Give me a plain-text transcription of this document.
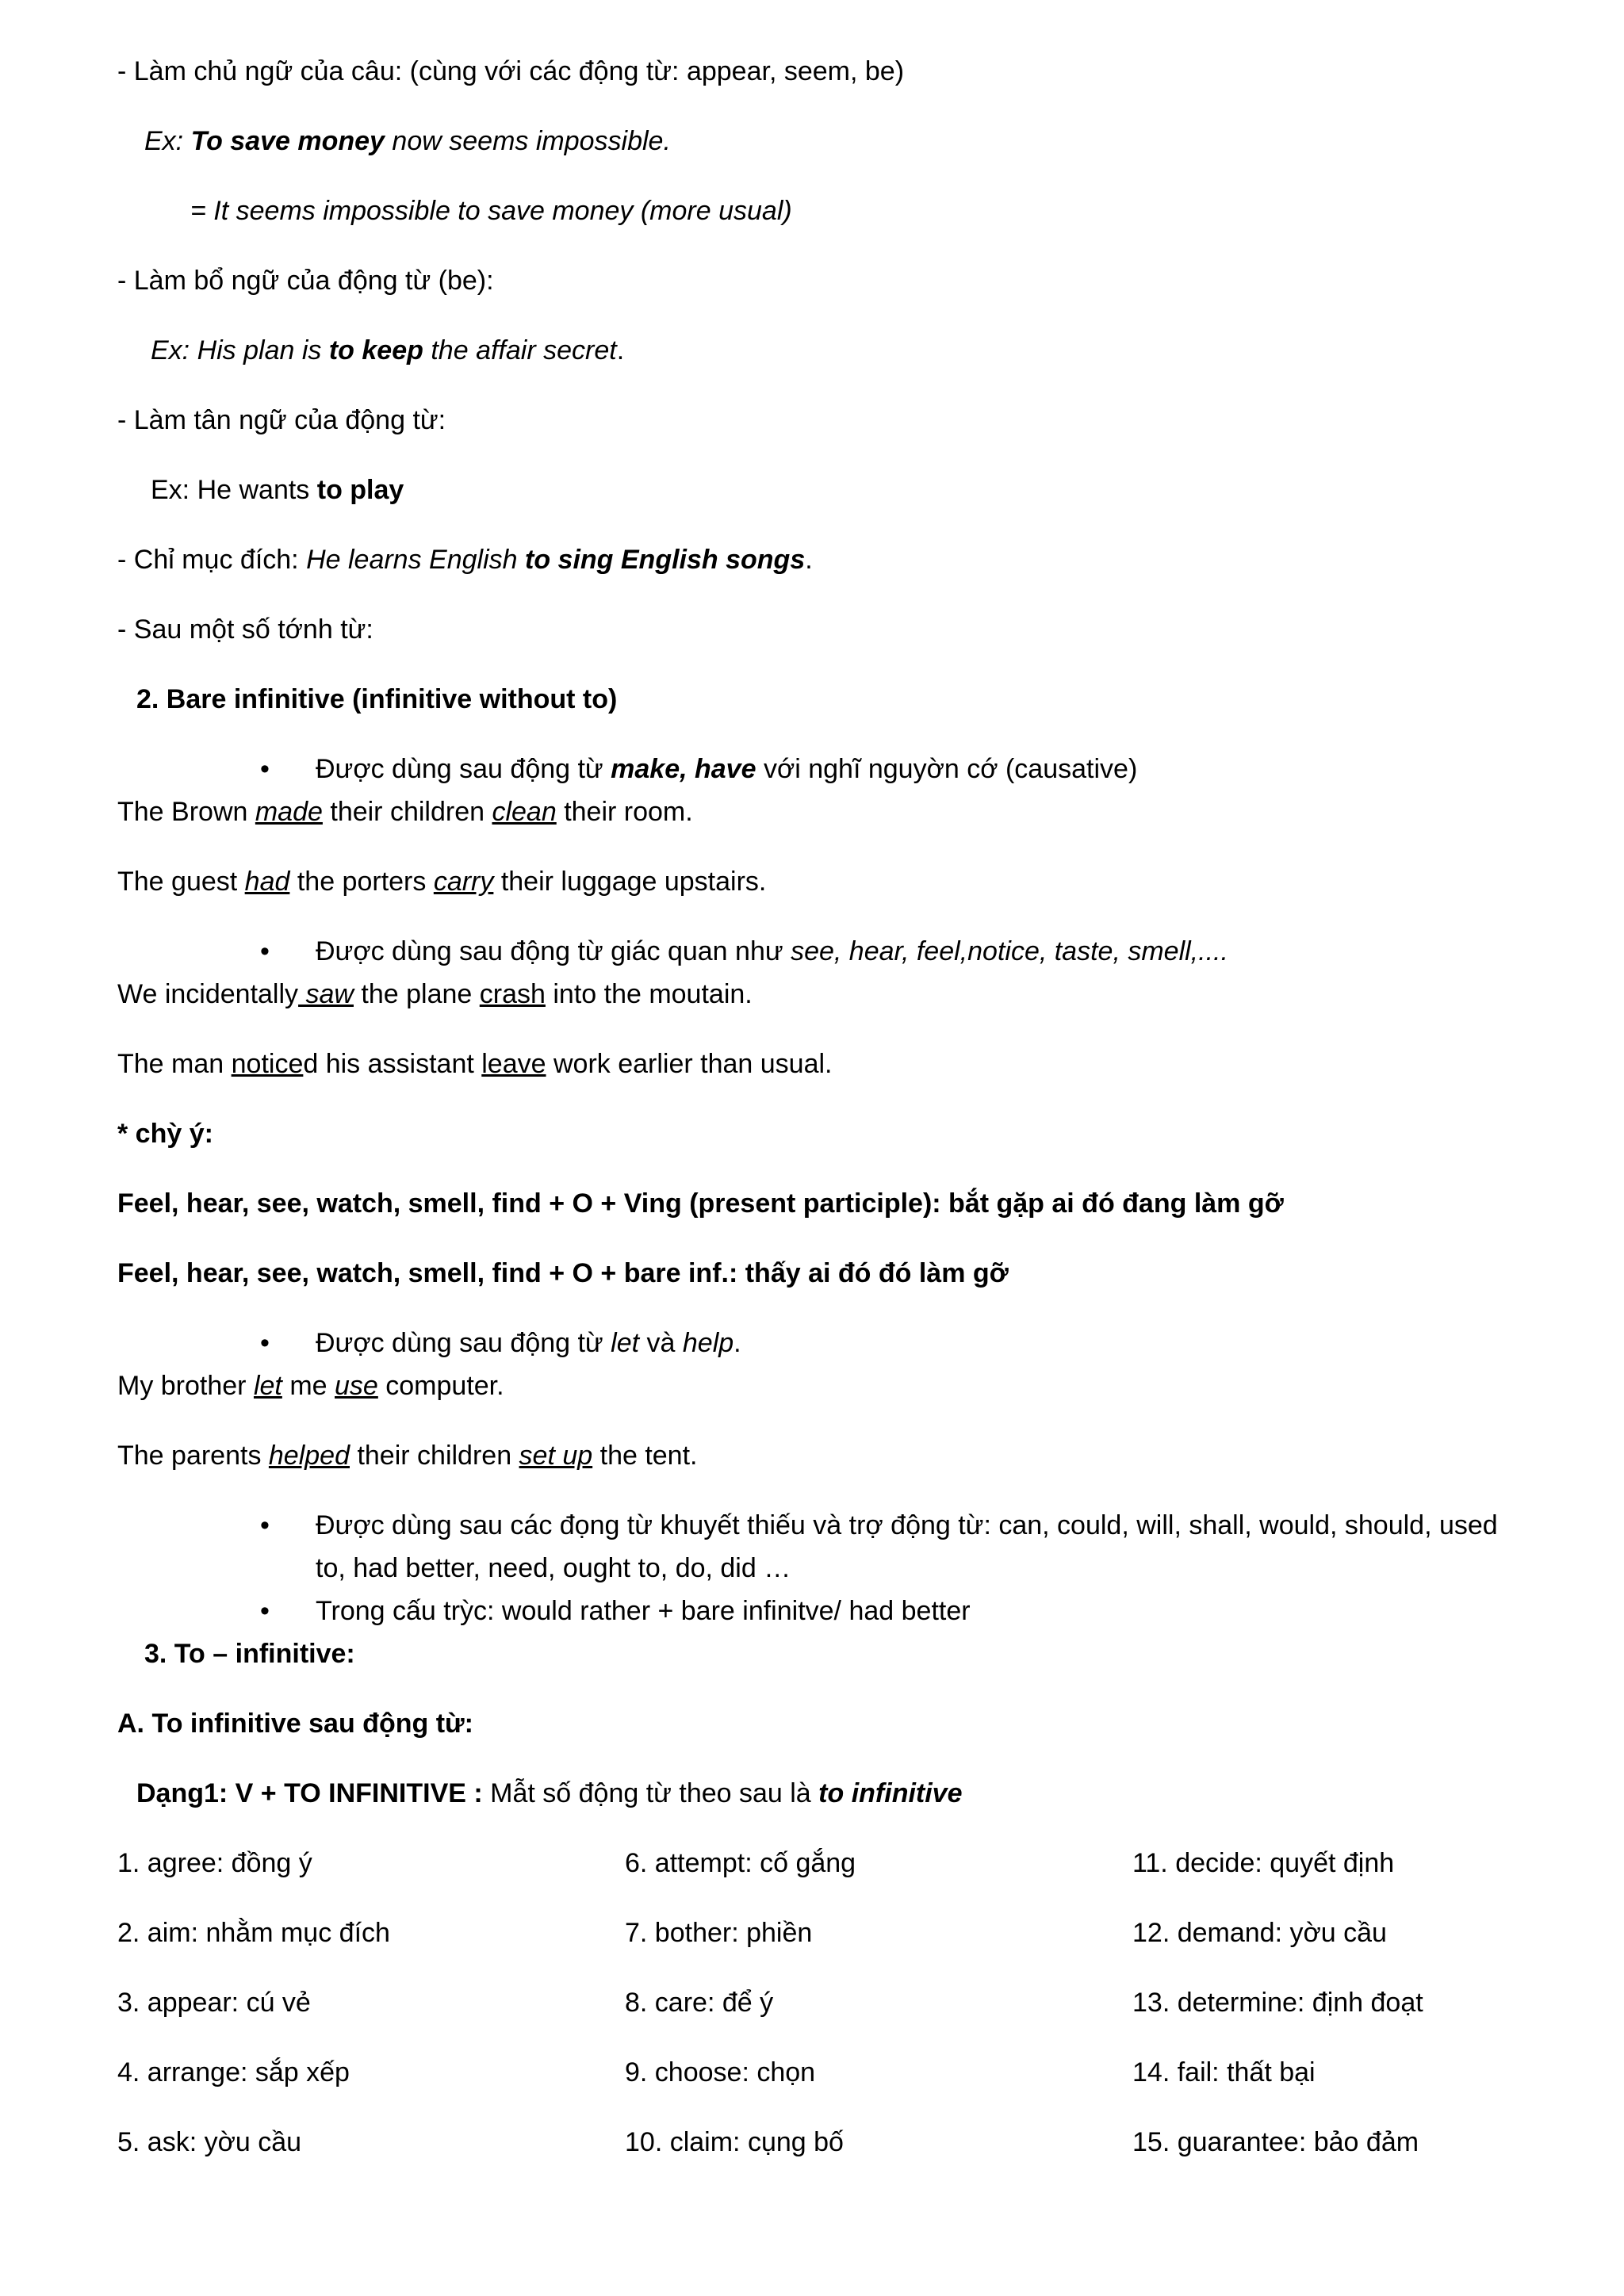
- Làm chủ ngữ của câu: (cùng với các động từ: appear, seem, be)
Ex: To save money now seems impossible.
= It seems impossible to save money (more usual)
- Làm bổ ngữ của động từ (be):
Ex: His plan is to keep the affair secret.
- Làm tân ngữ của động từ:
Ex: He wants to play
- Chỉ mục đích: He learns English to sing English songs.
- Sau một số tớnh từ:
2. Bare infinitive (infinitive without to)
• Được dùng sau động từ make, have với nghĩ nguyờn cớ (causative)
The Brown made their children clean their room.
The guest had the porters carry their luggage upstairs.
• Được dùng sau động từ giác quan như see, hear, feel,notice, taste, smell,....
We incidentally saw the plane crash into the moutain.
The man noticed his assistant leave work earlier than usual.
* chỳ ý:
Feel, hear, see, watch, smell, find + O + Ving (present participle): bắt gặp ai đó đang làm gỡ
Feel, hear, see, watch, smell, find + O + bare inf.: thấy ai đó đó làm gỡ
• Được dùng sau động từ let và help.
My brother let me use computer.
The parents helped their children set up the tent.
• Được dùng sau các đọng từ khuyết thiếu và trợ động từ: can, could, will, shall, would, should, used
to, had better, need, ought to, do, did …
• Trong cấu trỳc: would rather + bare infinitve/ had better
3. To – infinitive:
A. To infinitive sau động từ:
Dạng1: V + TO INFINITIVE : Mẫt số động từ theo sau là to infinitive
1. agree: đồng ý
2. aim: nhằm mục đích
3. appear: cú vẻ
4. arrange: sắp xếp
5. ask: yờu cầu
6. attempt: cố gắng
7. bother: phiền
8. care: để ý
9. choose: chọn
10. claim: cụng bố
11. decide: quyết định
12. demand: yờu cầu
13. determine: định đoạt
14. fail: thất bại
15. guarantee: bảo đảm
